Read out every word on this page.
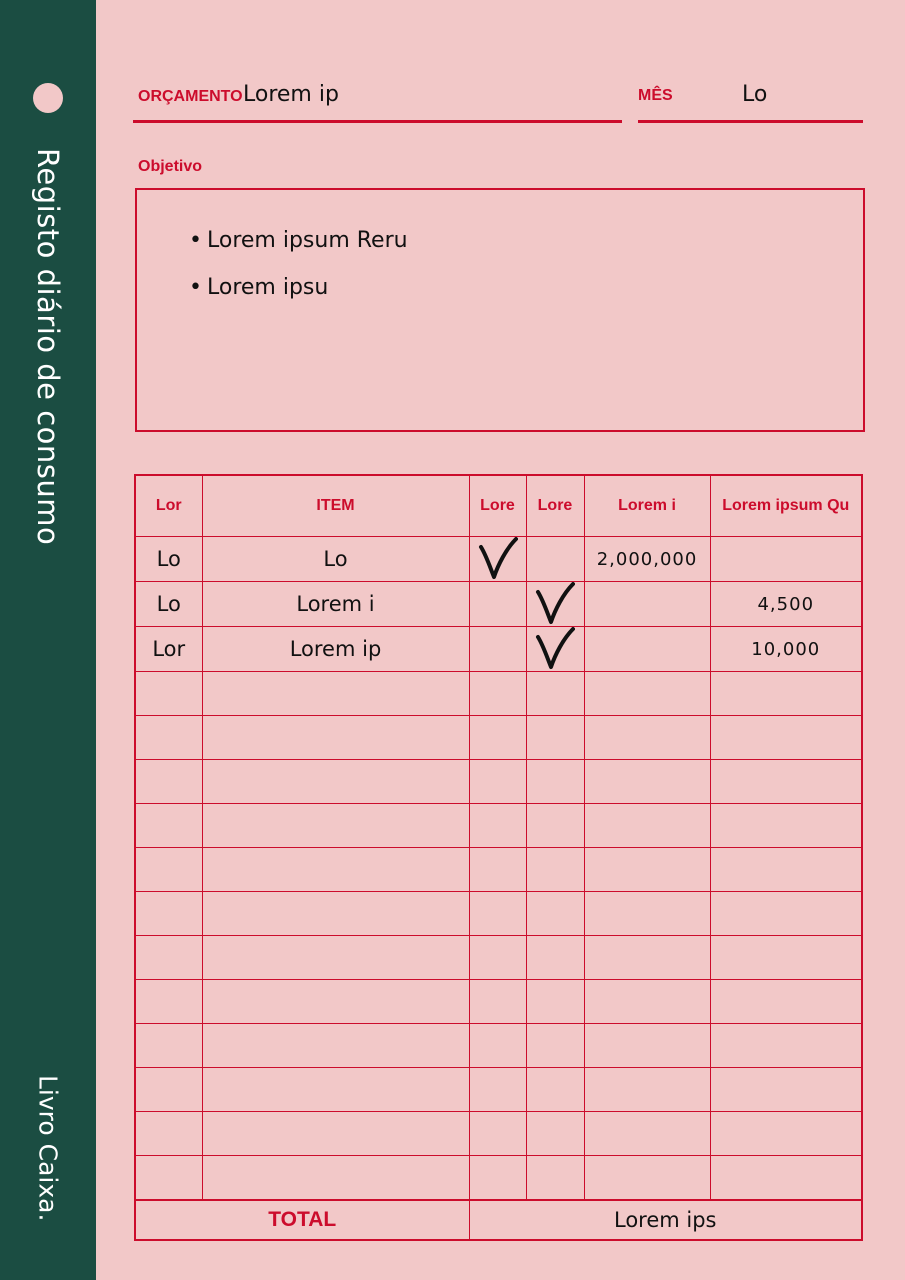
Registo diário de consumo
Livro Caixa.
ORÇAMENTO Lorem ip	MÊS	Lo
Objetivo
• Lorem ipsum Reru
• Lorem ipsu
Lor	ITEM	Lore	Lore	Lorem i	Lorem ipsum Qu
Lo	Lo			2,000,000	
Lo	Lorem i				4,500
Lor	Lorem ip				10,000

TOTAL		Lorem ips			
